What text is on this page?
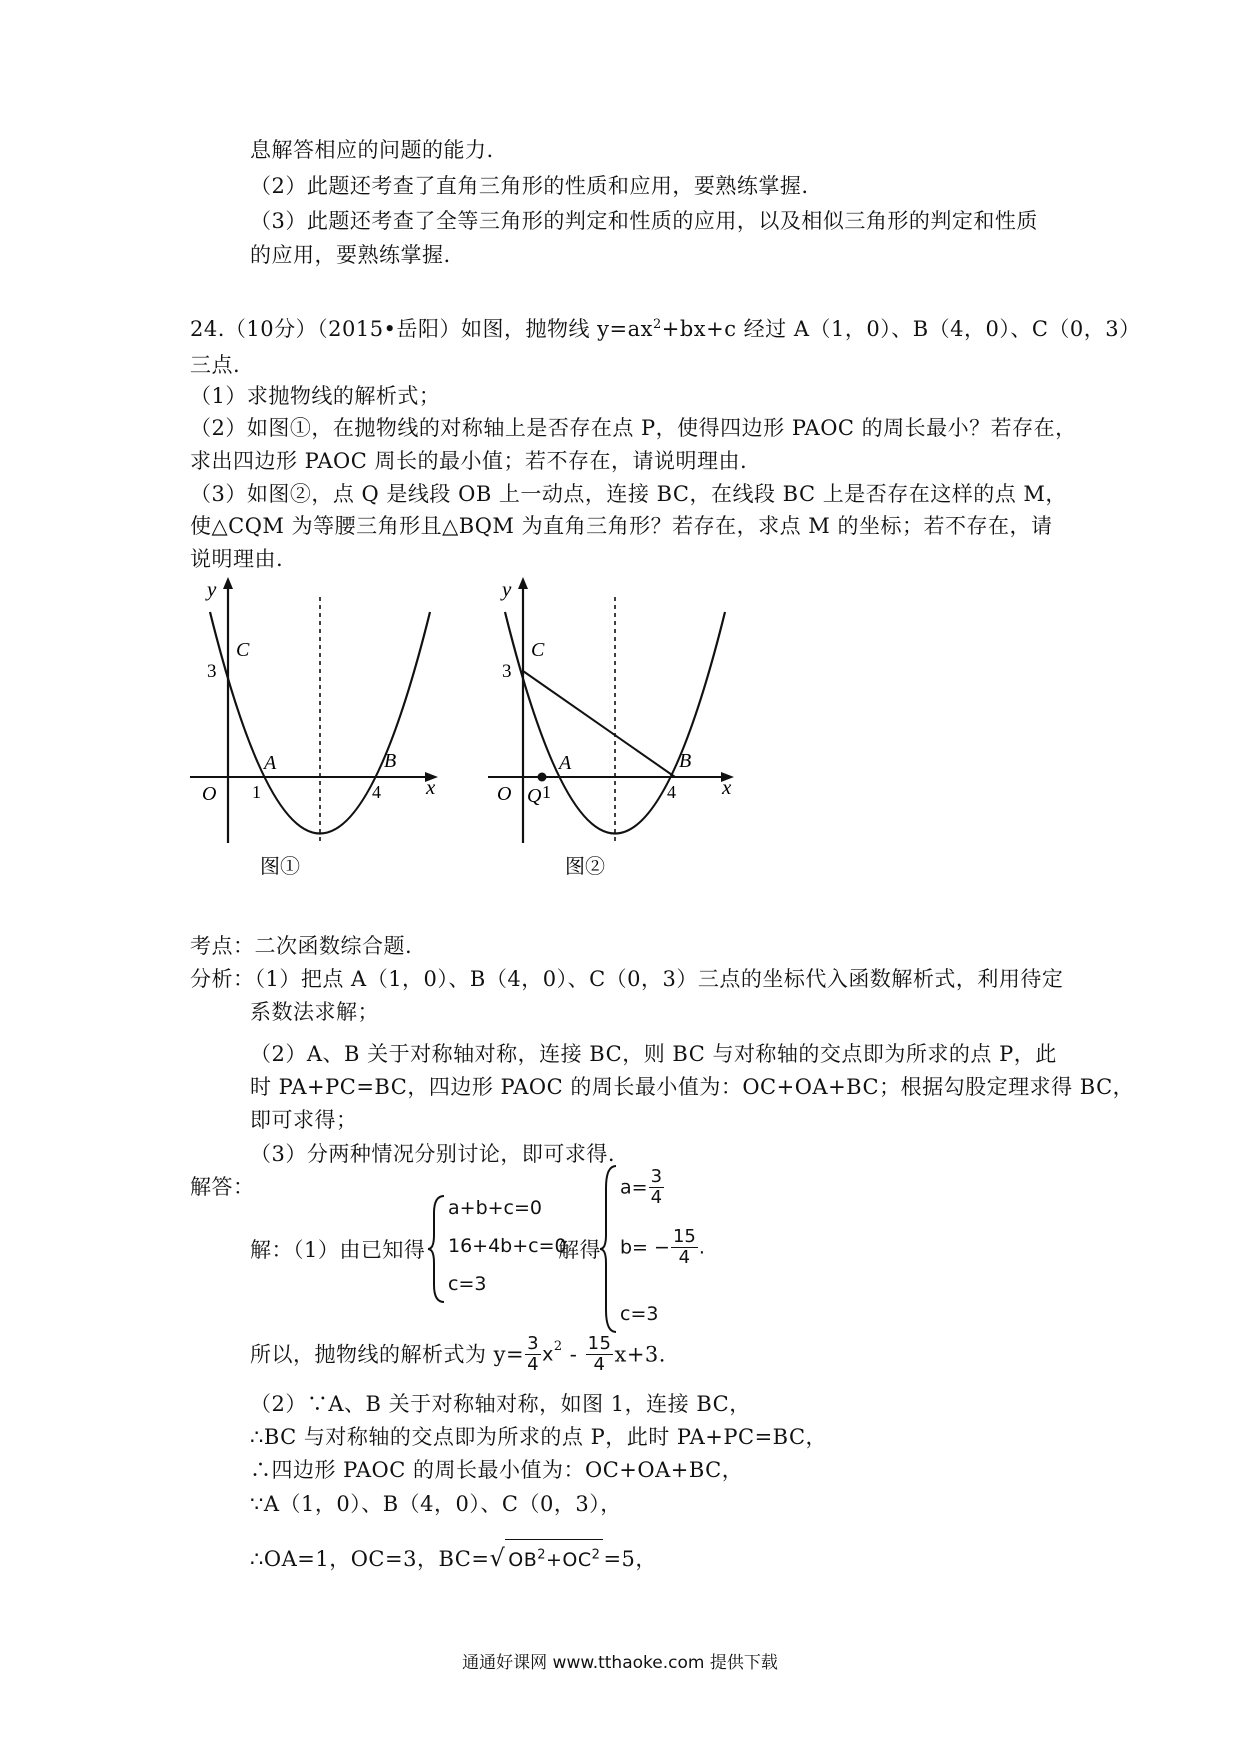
息解答相应的问题的能力.
（2）此题还考查了直角三角形的性质和应用，要熟练掌握.
（3）此题还考查了全等三角形的判定和性质的应用，以及相似三角形的判定和性质
的应用，要熟练掌握.
24.（10分）（2015•岳阳）如图，抛物线 $y=ax^2+bx+c$ 经过 A（1，0）、B（4，0）、C（0，3）
三点.
（1）求抛物线的解析式；
（2）如图①，在抛物线的对称轴上是否存在点 P，使得四边形 PAOC 的周长最小？若存在，
求出四边形 PAOC 周长的最小值；若不存在，请说明理由.
（3）如图②，点 Q 是线段 OB 上一动点，连接 BC，在线段 BC 上是否存在这样的点 M，
使△CQM 为等腰三角形且△BQM 为直角三角形？若存在，求点 M 的坐标；若不存在，请
说明理由.
y
x
C
3
A	B
O 1	4
图①
y
x
C
3
A	B
O Q 1	4
图②
考点：二次函数综合题.
分析：（1）把点 A（1，0）、B（4，0）、C（0，3）三点的坐标代入函数解析式，利用待定
系数法求解；
（2）A、B 关于对称轴对称，连接 BC，则 BC 与对称轴的交点即为所求的点 P，此
时 PA+PC=BC，四边形 PAOC 的周长最小值为：OC+OA+BC；根据勾股定理求得 BC，
即可求得；
（3）分两种情况分别讨论，即可求得.
解答：
解：（1）由已知得
a+b+c=0
16+4b+c=0
c=3
解得
$a= \frac{3}{4}$
$b= - \frac{15}{4}$ .
c=3
所以，抛物线的解析式为 $y= \frac{3}{4} x^2 - \frac{15}{4} x+3$.
（2）∵A、B 关于对称轴对称，如图 1，连接 BC，
∴BC 与对称轴的交点即为所求的点 P，此时 PA+PC=BC，
∴四边形 PAOC 的周长最小值为：OC+OA+BC，
∵A（1，0）、B（4，0）、C（0，3），
∴OA=1，OC=3，BC=√ $OB^2+OC^2 =5$，
通通好课网 www.tthaoke.com 提供下载
